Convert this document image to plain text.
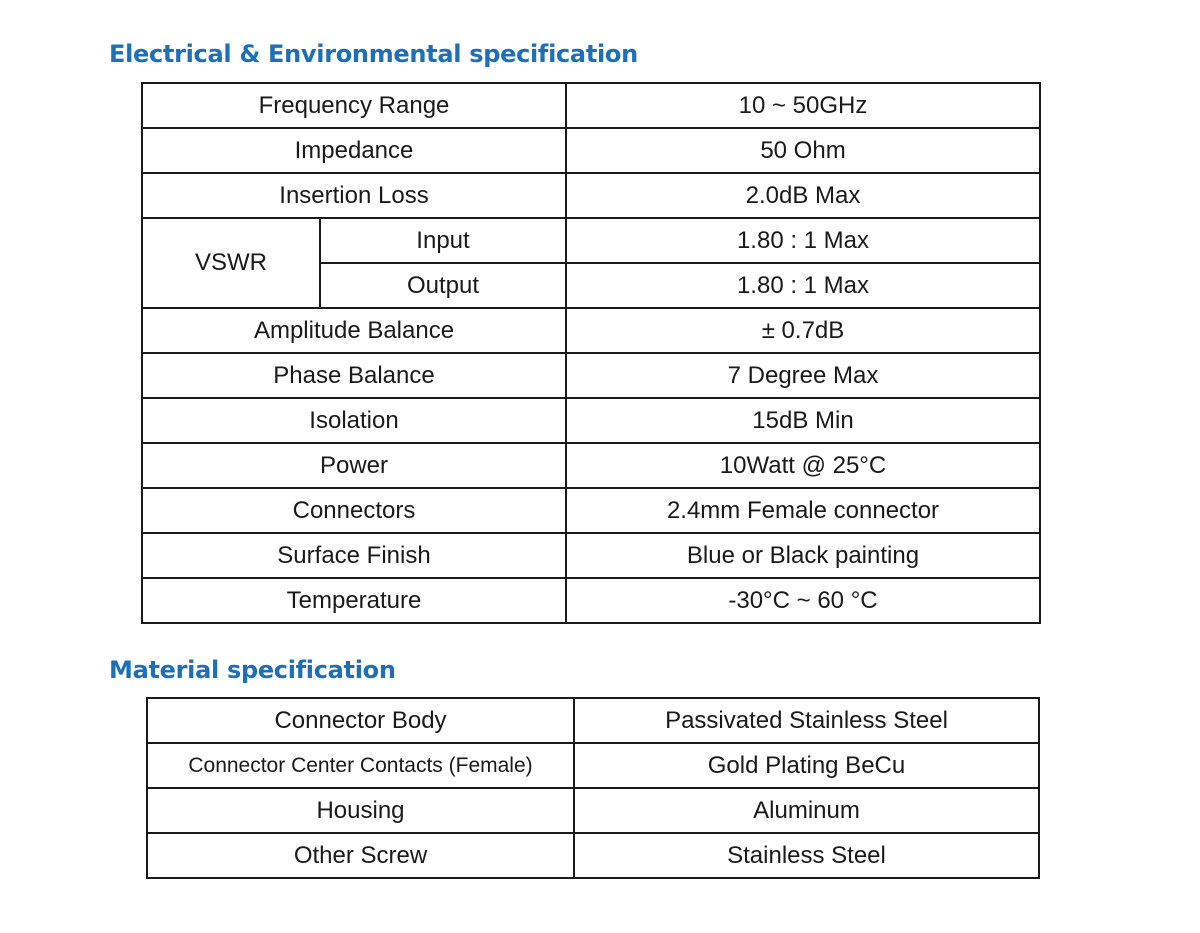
Electrical & Environmental specification
Frequency Range		10 ~ 50GHz
Impedance		50 Ohm
Insertion Loss		2.0dB Max
VSWR	Input	1.80 : 1 Max
	Output	1.80 : 1 Max
Amplitude Balance		± 0.7dB
Phase Balance		7 Degree Max
Isolation		15dB Min
Power		10Watt @ 25°C
Connectors		2.4mm Female connector
Surface Finish		Blue or Black painting
Temperature		-30°C ~ 60 °C
Material specification
Connector Body	Passivated Stainless Steel
Connector Center Contacts (Female)	Gold Plating BeCu
Housing	Aluminum
Other Screw	Stainless Steel
